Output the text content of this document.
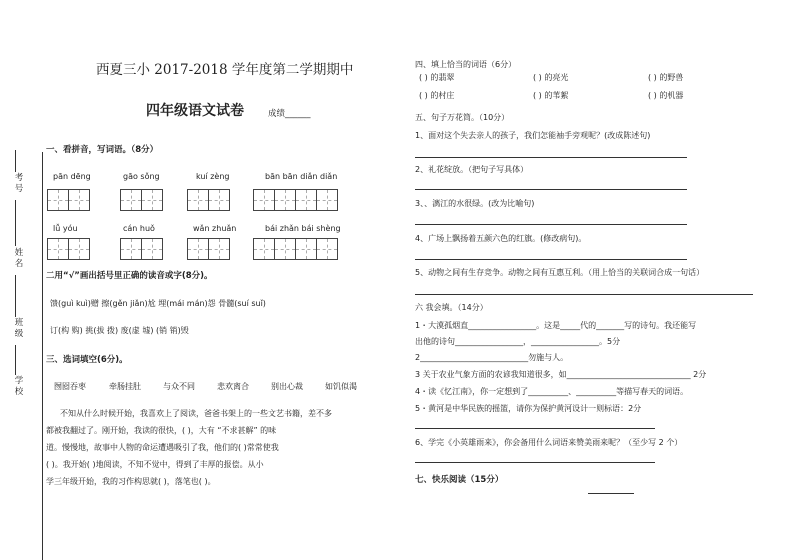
考号
姓名
班级
学校
西夏三小 2017-2018 学年度第二学期期中
四年级语文试卷	成绩______
一、看拼音，写词语。（8分）
pān dēng	gāo sǒng	kuí zèng	bān bān diǎn diǎn
lǚ yóu	cán huǒ	wǎn zhuǎn	bái zhǎn bái shèng
二用“√”画出括号里正确的读音或字(8分)。
馈(guì kuì)赠 擦(gěn jiǎn)尬 埋(mái mán)怨 骨髓(suí suǐ)
订(构 购) 挑(拔 拨) 废(虚 墟) (销 销)毁
三、选词填空(6分)。
囫囵吞枣	牵肠挂肚	与众不同	悲欢离合	别出心裁	如饥似渴
不知从什么时候开始，我喜欢上了阅读，爸爸书架上的一些文艺书籍，差不多
都被我翻过了。刚开始，我读的很快，( )，大有 “不求甚解” 的味
道。慢慢地，故事中人物的命运遭遇吸引了我，他们的( )常常使我
( )。我开始( )地阅读，不知不觉中，得到了丰厚的报偿。从小
学三年级开始，我的习作构思就( )，落笔也( )。
四、填上恰当的词语（6分）
( ) 的翡翠	( ) 的亮光	( ) 的野兽
( ) 的村庄	( ) 的苇絮	( ) 的机器
五、句子万花筒。（10分）
1、面对这个失去亲人的孩子，我们怎能袖手旁观呢？(改成陈述句)
2、礼花绽放。（把句子写具体）
3、、漓江的水很绿。(改为比喻句)
4、广场上飘扬着五颜六色的红旗。(修改病句)。
5、动物之间有生存竞争。动物之间有互惠互利。（用上恰当的关联词合成一句话）
六 我会填。（14分）
1・大漠孤烟直_________________。这是_____代的_______写的诗句。我还能写
出他的诗句_________________，_________________。5分
2___________________________勿施与人。
3 关于农业气象方面的农谚我知道很多，如_______________________________ 2分
4・读《忆江南》，你一定想到了__________、__________等描写春天的词语。
5・黄河是中华民族的摇篮，请你为保护黄河设计一则标语：2分
6、学完《小英雄雨来》，你会备用什么词语来赞美雨来呢？（至少写 2 个）
七、快乐阅读（15分）
